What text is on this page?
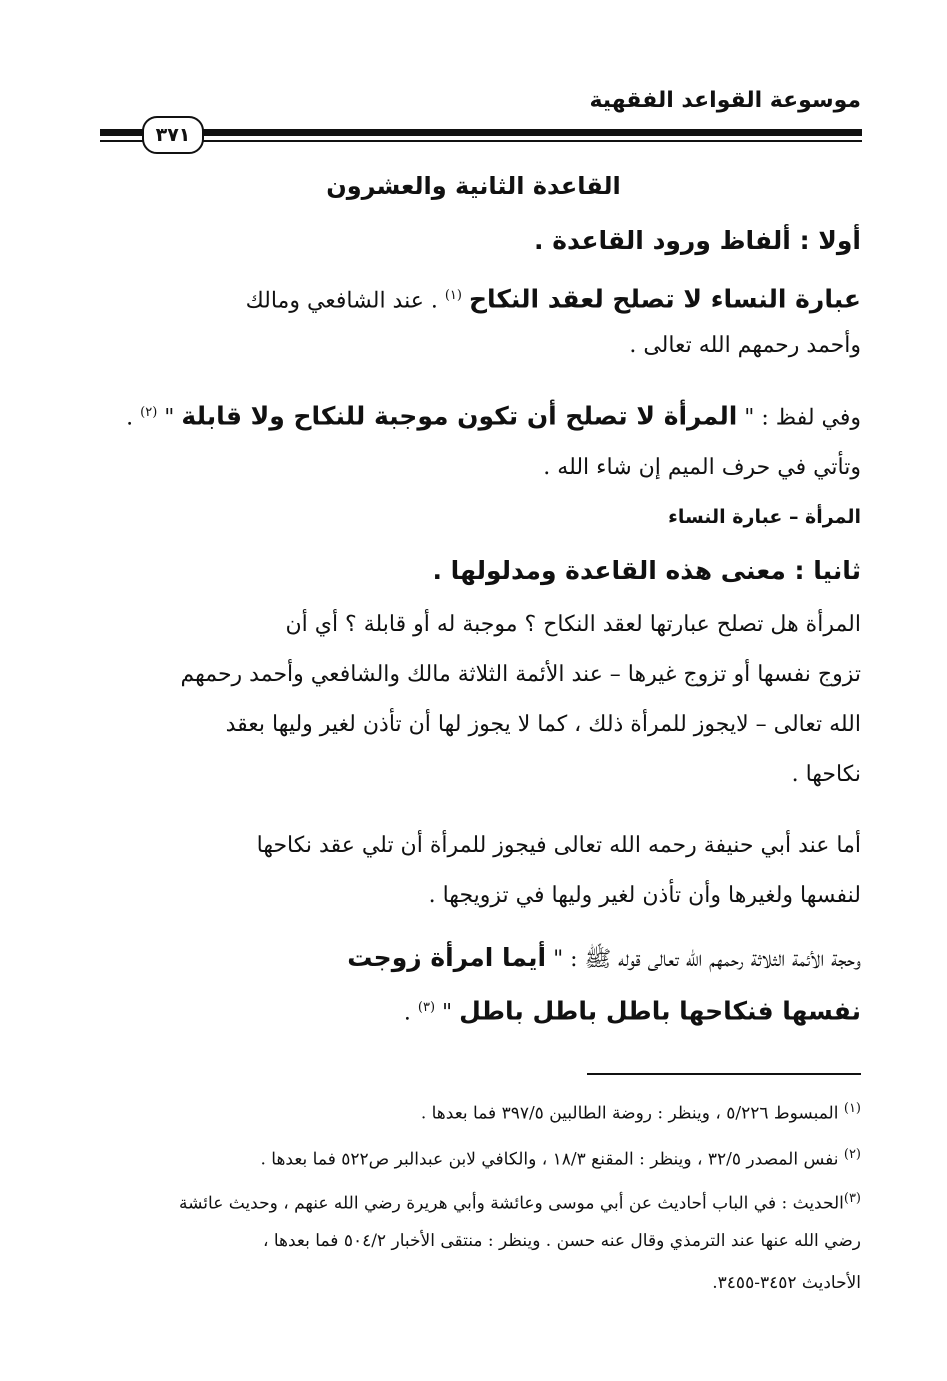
موسوعة القواعد الفقهية
٣٧١
القاعدة الثانية والعشرون
أولا : ألفاظ ورود القاعدة .
عبارة النساء لا تصلح لعقد النكاح $^{(١)}$ . عند الشافعي ومالك
وأحمد رحمهم الله تعالى .
وفي لفظ : " المرأة لا تصلح أن تكون موجبة للنكاح ولا قابلة " $^{(٢)}$ .
وتأتي في حرف الميم إن شاء الله .
المرأة – عبارة النساء
ثانيا : معنى هذه القاعدة ومدلولها .
المرأة هل تصلح عبارتها لعقد النكاح ؟ موجبة له أو قابلة ؟ أي أن
تزوج نفسها أو تزوج غيرها – عند الأئمة الثلاثة مالك والشافعي وأحمد رحمهم
الله تعالى – لايجوز للمرأة ذلك ، كما لا يجوز لها أن تأذن لغير وليها بعقد
نكاحها .
أما عند أبي حنيفة رحمه الله تعالى فيجوز للمرأة أن تلي عقد نكاحها
لنفسها ولغيرها وأن تأذن لغير وليها في تزويجها .
وحجة الأئمة الثلاثة رحمهم الله تعالى قوله ﷺ : " أيما امرأة زوجت
نفسها فنكاحها باطل باطل باطل " $^{(٣)}$ .
$^{(١)}$ المبسوط ٥/٢٢٦ ، وينظر : روضة الطالبين ٣٩٧/٥ فما بعدها .
$^{(٢)}$ نفس المصدر ٣٢/٥ ، وينظر : المقنع ١٨/٣ ، والكافي لابن عبدالبر ص٥٢٢ فما بعدها .
$^{(٣)}$الحديث : في الباب أحاديث عن أبي موسى وعائشة وأبي هريرة رضي الله عنهم ، وحديث عائشة
رضي الله عنها عند الترمذي وقال عنه حسن . وينظر : منتقى الأخبار ٥٠٤/٢ فما بعدها ،
الأحاديث ٣٤٥٢-٣٤٥٥.
